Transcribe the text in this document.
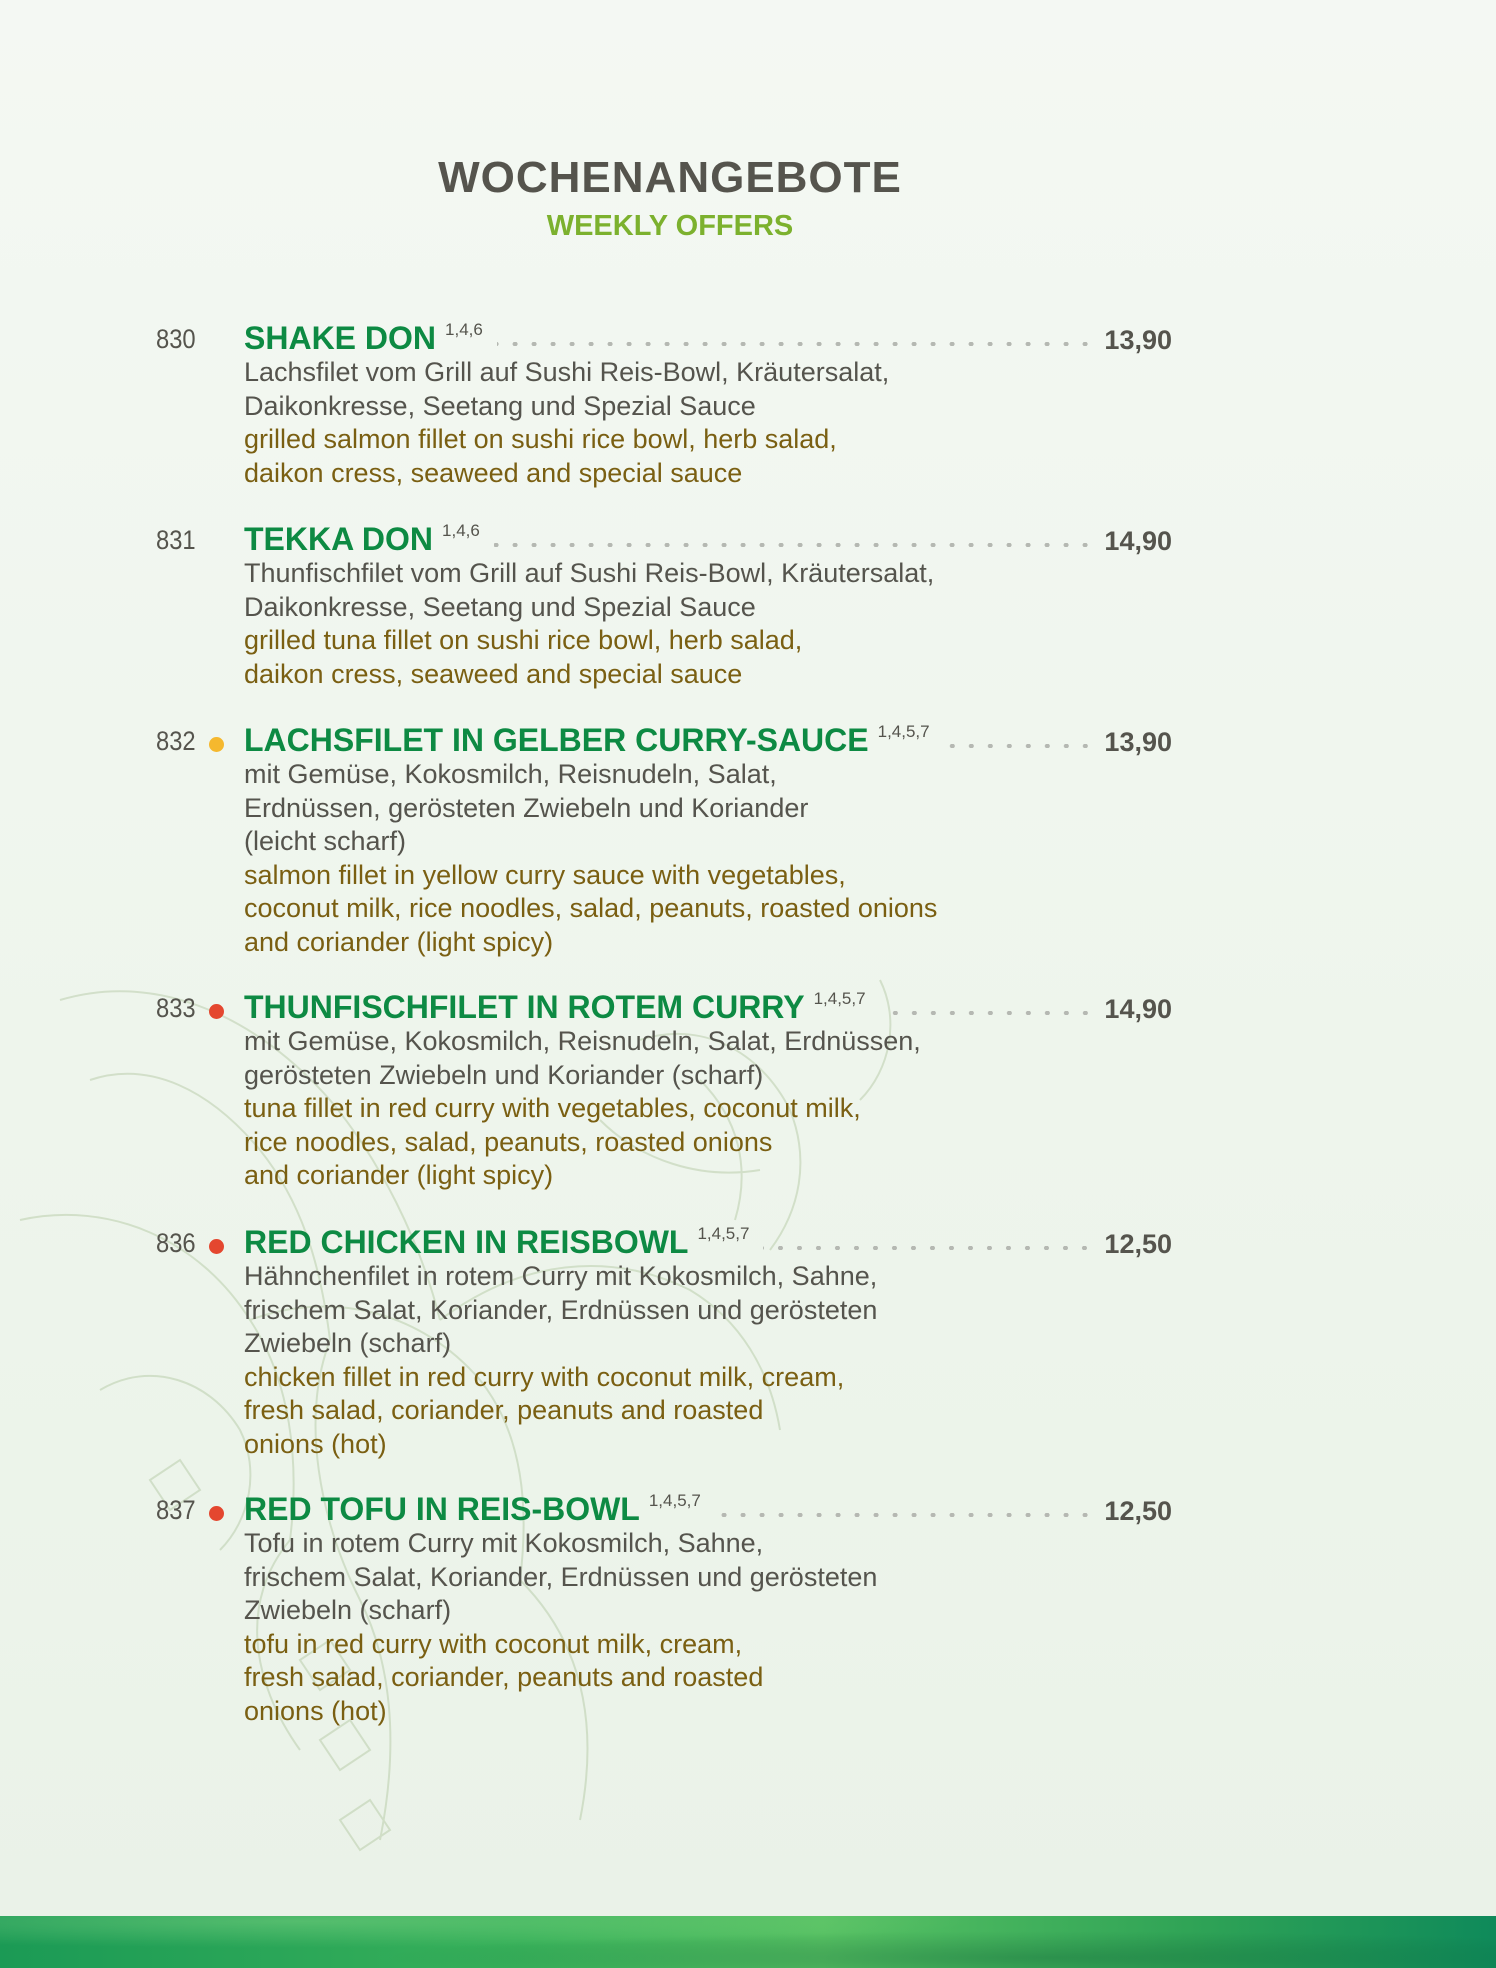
WOCHENANGEBOTE
WEEKLY OFFERS
830 SHAKE DON 1,4,6	13,90
Lachsfilet vom Grill auf Sushi Reis-Bowl, Kräutersalat,
Daikonkresse, Seetang und Spezial Sauce
grilled salmon fillet on sushi rice bowl, herb salad,
daikon cress, seaweed and special sauce
831 TEKKA DON 1,4,6	14,90
Thunfischfilet vom Grill auf Sushi Reis-Bowl, Kräutersalat,
Daikonkresse, Seetang und Spezial Sauce
grilled tuna fillet on sushi rice bowl, herb salad,
daikon cress, seaweed and special sauce
832 LACHSFILET IN GELBER CURRY-SAUCE 1,4,5,7	13,90
mit Gemüse, Kokosmilch, Reisnudeln, Salat,
Erdnüssen, gerösteten Zwiebeln und Koriander
(leicht scharf)
salmon fillet in yellow curry sauce with vegetables,
coconut milk, rice noodles, salad, peanuts, roasted onions
and coriander (light spicy)
833 THUNFISCHFILET IN ROTEM CURRY 1,4,5,7	14,90
mit Gemüse, Kokosmilch, Reisnudeln, Salat, Erdnüssen,
gerösteten Zwiebeln und Koriander (scharf)
tuna fillet in red curry with vegetables, coconut milk,
rice noodles, salad, peanuts, roasted onions
and coriander (light spicy)
836 RED CHICKEN IN REISBOWL 1,4,5,7	12,50
Hähnchenfilet in rotem Curry mit Kokosmilch, Sahne,
frischem Salat, Koriander, Erdnüssen und gerösteten
Zwiebeln (scharf)
chicken fillet in red curry with coconut milk, cream,
fresh salad, coriander, peanuts and roasted
onions (hot)
837 RED TOFU IN REIS-BOWL 1,4,5,7	12,50
Tofu in rotem Curry mit Kokosmilch, Sahne,
frischem Salat, Koriander, Erdnüssen und gerösteten
Zwiebeln (scharf)
tofu in red curry with coconut milk, cream,
fresh salad, coriander, peanuts and roasted
onions (hot)
